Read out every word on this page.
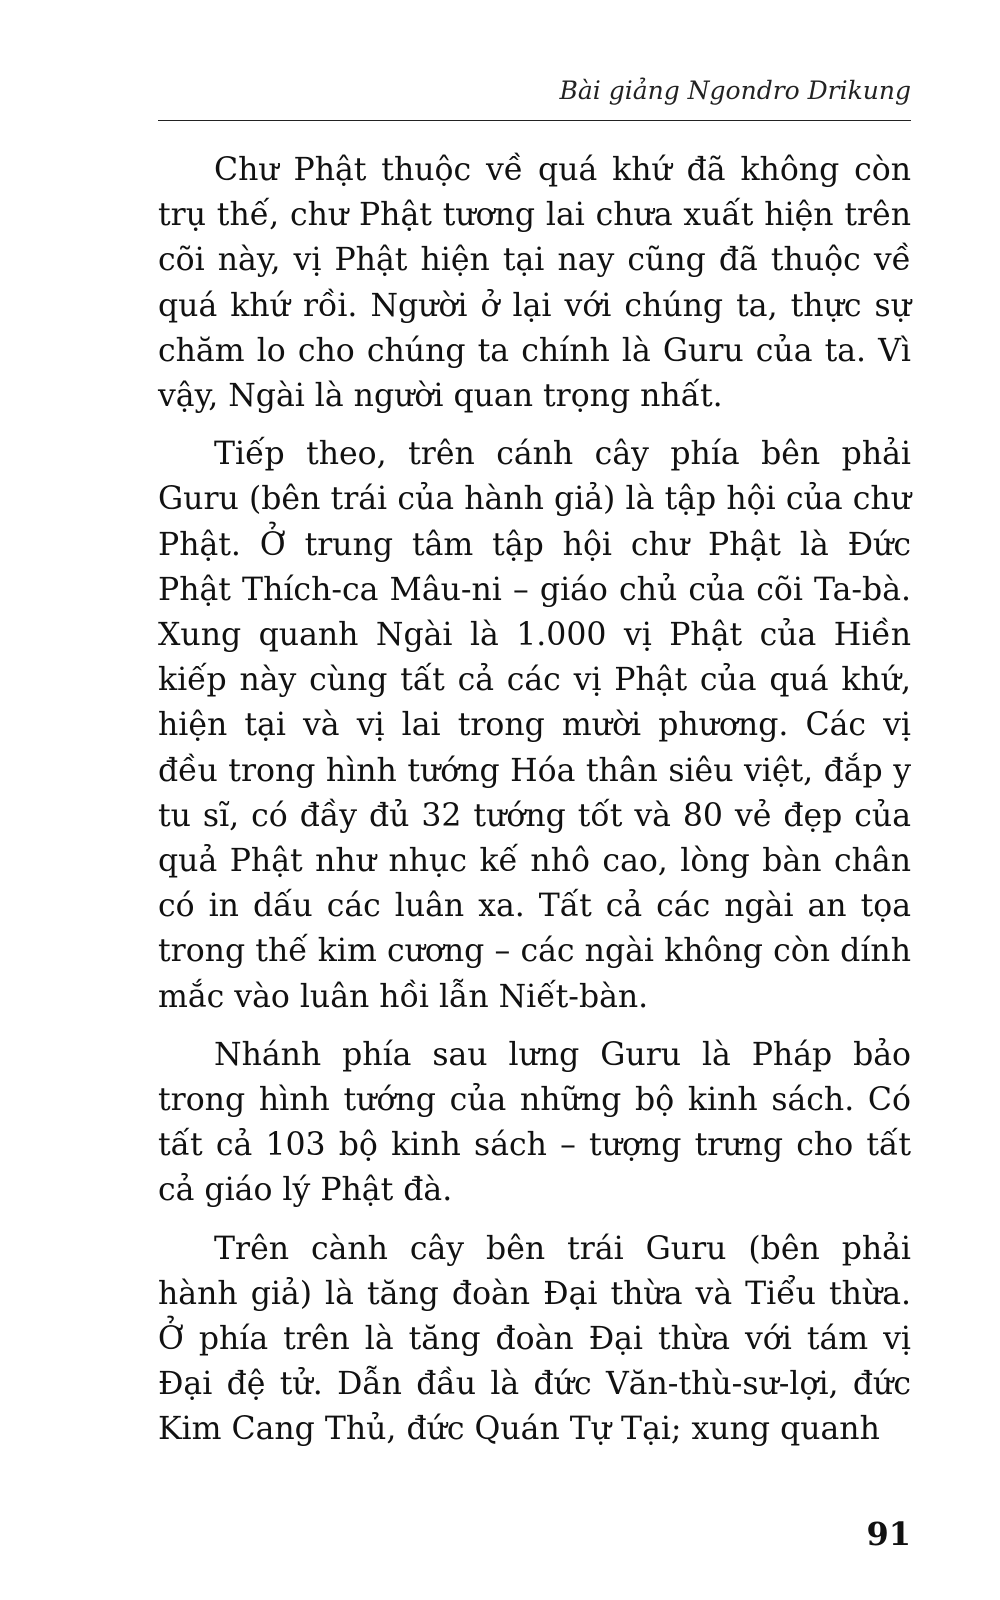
Bài giảng Ngondro Drikung

Chư Phật thuộc về quá khứ đã không còn trụ thế, chư Phật tương lai chưa xuất hiện trên cõi này, vị Phật hiện tại nay cũng đã thuộc về quá khứ rồi. Người ở lại với chúng ta, thực sự chăm lo cho chúng ta chính là Guru của ta. Vì vậy, Ngài là người quan trọng nhất.

Tiếp theo, trên cánh cây phía bên phải Guru (bên trái của hành giả) là tập hội của chư Phật. Ở trung tâm tập hội chư Phật là Đức Phật Thích-ca Mâu-ni – giáo chủ của cõi Ta-bà. Xung quanh Ngài là 1.000 vị Phật của Hiền kiếp này cùng tất cả các vị Phật của quá khứ, hiện tại và vị lai trong mười phương. Các vị đều trong hình tướng Hóa thân siêu việt, đắp y tu sĩ, có đầy đủ 32 tướng tốt và 80 vẻ đẹp của quả Phật như nhục kế nhô cao, lòng bàn chân có in dấu các luân xa. Tất cả các ngài an tọa trong thế kim cương – các ngài không còn dính mắc vào luân hồi lẫn Niết-bàn.

Nhánh phía sau lưng Guru là Pháp bảo trong hình tướng của những bộ kinh sách. Có tất cả 103 bộ kinh sách – tượng trưng cho tất cả giáo lý Phật đà.

Trên cành cây bên trái Guru (bên phải hành giả) là tăng đoàn Đại thừa và Tiểu thừa. Ở phía trên là tăng đoàn Đại thừa với tám vị Đại đệ tử. Dẫn đầu là đức Văn-thù-sư-lợi, đức Kim Cang Thủ, đức Quán Tự Tại; xung quanh

91
